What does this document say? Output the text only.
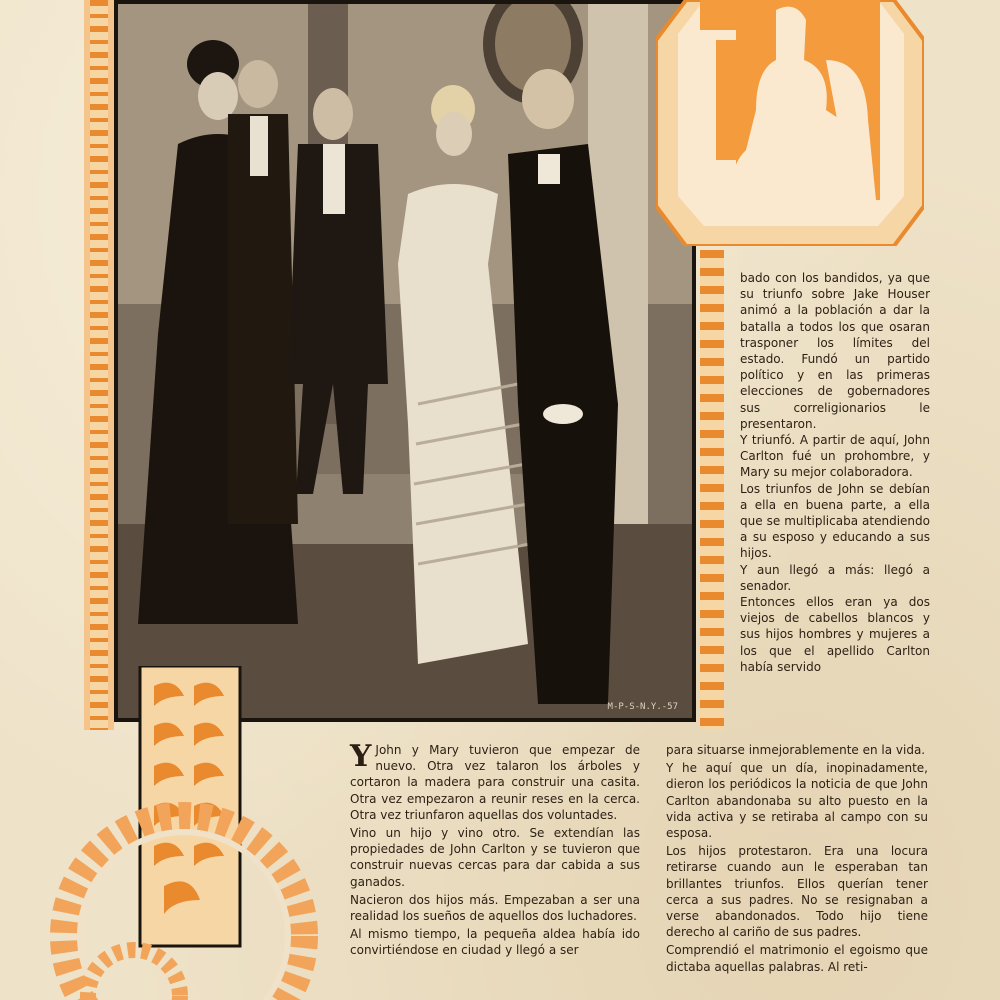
M-P-S-N.Y.-57

bado con los bandidos, ya que su triunfo sobre Jake Houser animó a la población a dar la batalla a todos los que osaran trasponer los límites del estado. Fundó un partido político y en las primeras elecciones de gobernadores sus correligionarios le presentaron.

Y triunfó. A partir de aquí, John Carlton fué un prohombre, y Mary su mejor colaboradora.

Los triunfos de John se debían a ella en buena parte, a ella que se multiplicaba atendiendo a su esposo y educando a sus hijos.

Y aun llegó a más: llegó a senador.

Entonces ellos eran ya dos viejos de cabellos blancos y sus hijos hombres y mujeres a los que el apellido Carlton había servido

Y John y Mary tuvieron que empezar de nuevo. Otra vez talaron los árboles y cortaron la madera para construir una casita. Otra vez empezaron a reunir reses en la cerca. Otra vez triunfaron aquellas dos voluntades.

Vino un hijo y vino otro. Se extendían las propiedades de John Carlton y se tuvieron que construir nuevas cercas para dar cabida a sus ganados.

Nacieron dos hijos más. Empezaban a ser una realidad los sueños de aquellos dos luchadores.

Al mismo tiempo, la pequeña aldea había ido convirtiéndose en ciudad y llegó a ser

para situarse inmejorablemente en la vida.

Y he aquí que un día, inopinadamente, dieron los periódicos la noticia de que John Carlton abandonaba su alto puesto en la vida activa y se retiraba al campo con su esposa.

Los hijos protestaron. Era una locura retirarse cuando aun le esperaban tan brillantes triunfos. Ellos querían tener cerca a sus padres. No se resignaban a verse abandonados. Todo hijo tiene derecho al cariño de sus padres.

Comprendió el matrimonio el egoismo que dictaba aquellas palabras. Al reti-
